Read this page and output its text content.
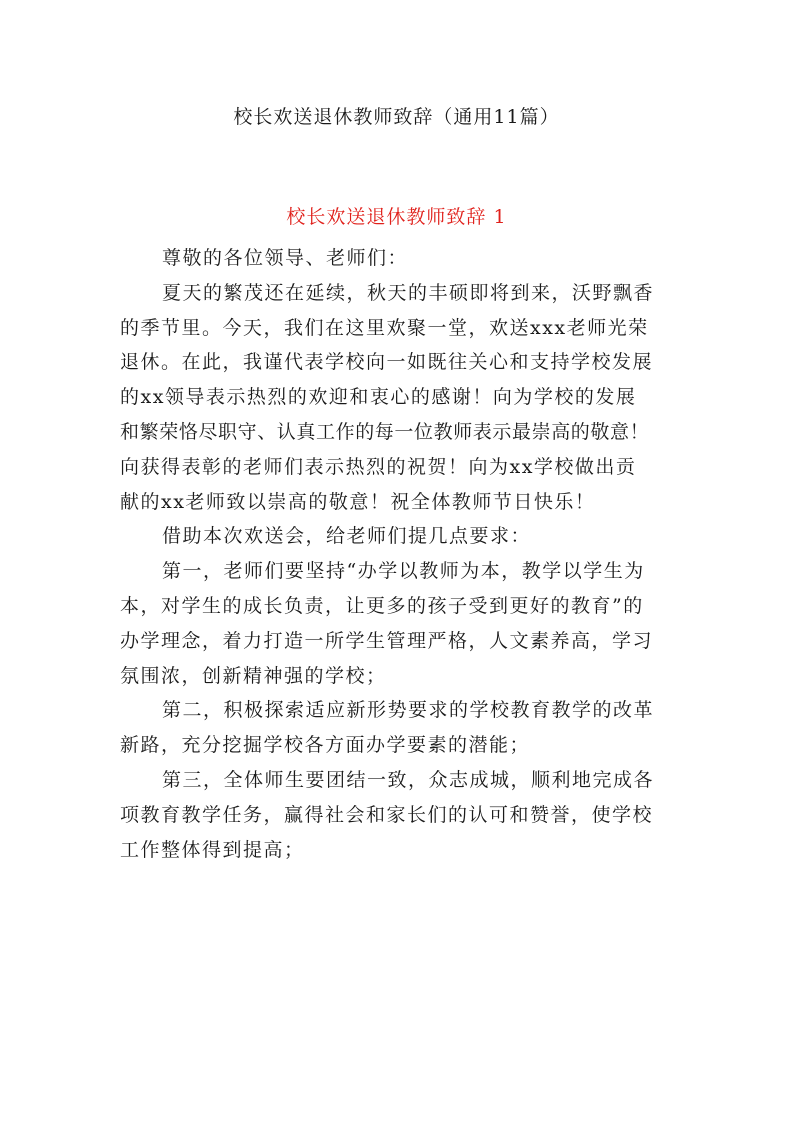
校长欢送退休教师致辞（通用11篇）
校长欢送退休教师致辞 1
尊敬的各位领导、老师们：
夏天的繁茂还在延续，秋天的丰硕即将到来，沃野飘香
的季节里。今天，我们在这里欢聚一堂，欢送xxx老师光荣
退休。在此，我谨代表学校向一如既往关心和支持学校发展
的xx领导表示热烈的欢迎和衷心的感谢！向为学校的发展
和繁荣恪尽职守、认真工作的每一位教师表示最崇高的敬意！
向获得表彰的老师们表示热烈的祝贺！向为xx学校做出贡
献的xx老师致以崇高的敬意！祝全体教师节日快乐！
借助本次欢送会，给老师们提几点要求：
第一，老师们要坚持“办学以教师为本，教学以学生为
本，对学生的成长负责，让更多的孩子受到更好的教育”的
办学理念，着力打造一所学生管理严格，人文素养高，学习
氛围浓，创新精神强的学校；
第二，积极探索适应新形势要求的学校教育教学的改革
新路，充分挖掘学校各方面办学要素的潜能；
第三，全体师生要团结一致，众志成城，顺利地完成各
项教育教学任务，赢得社会和家长们的认可和赞誉，使学校
工作整体得到提高；
